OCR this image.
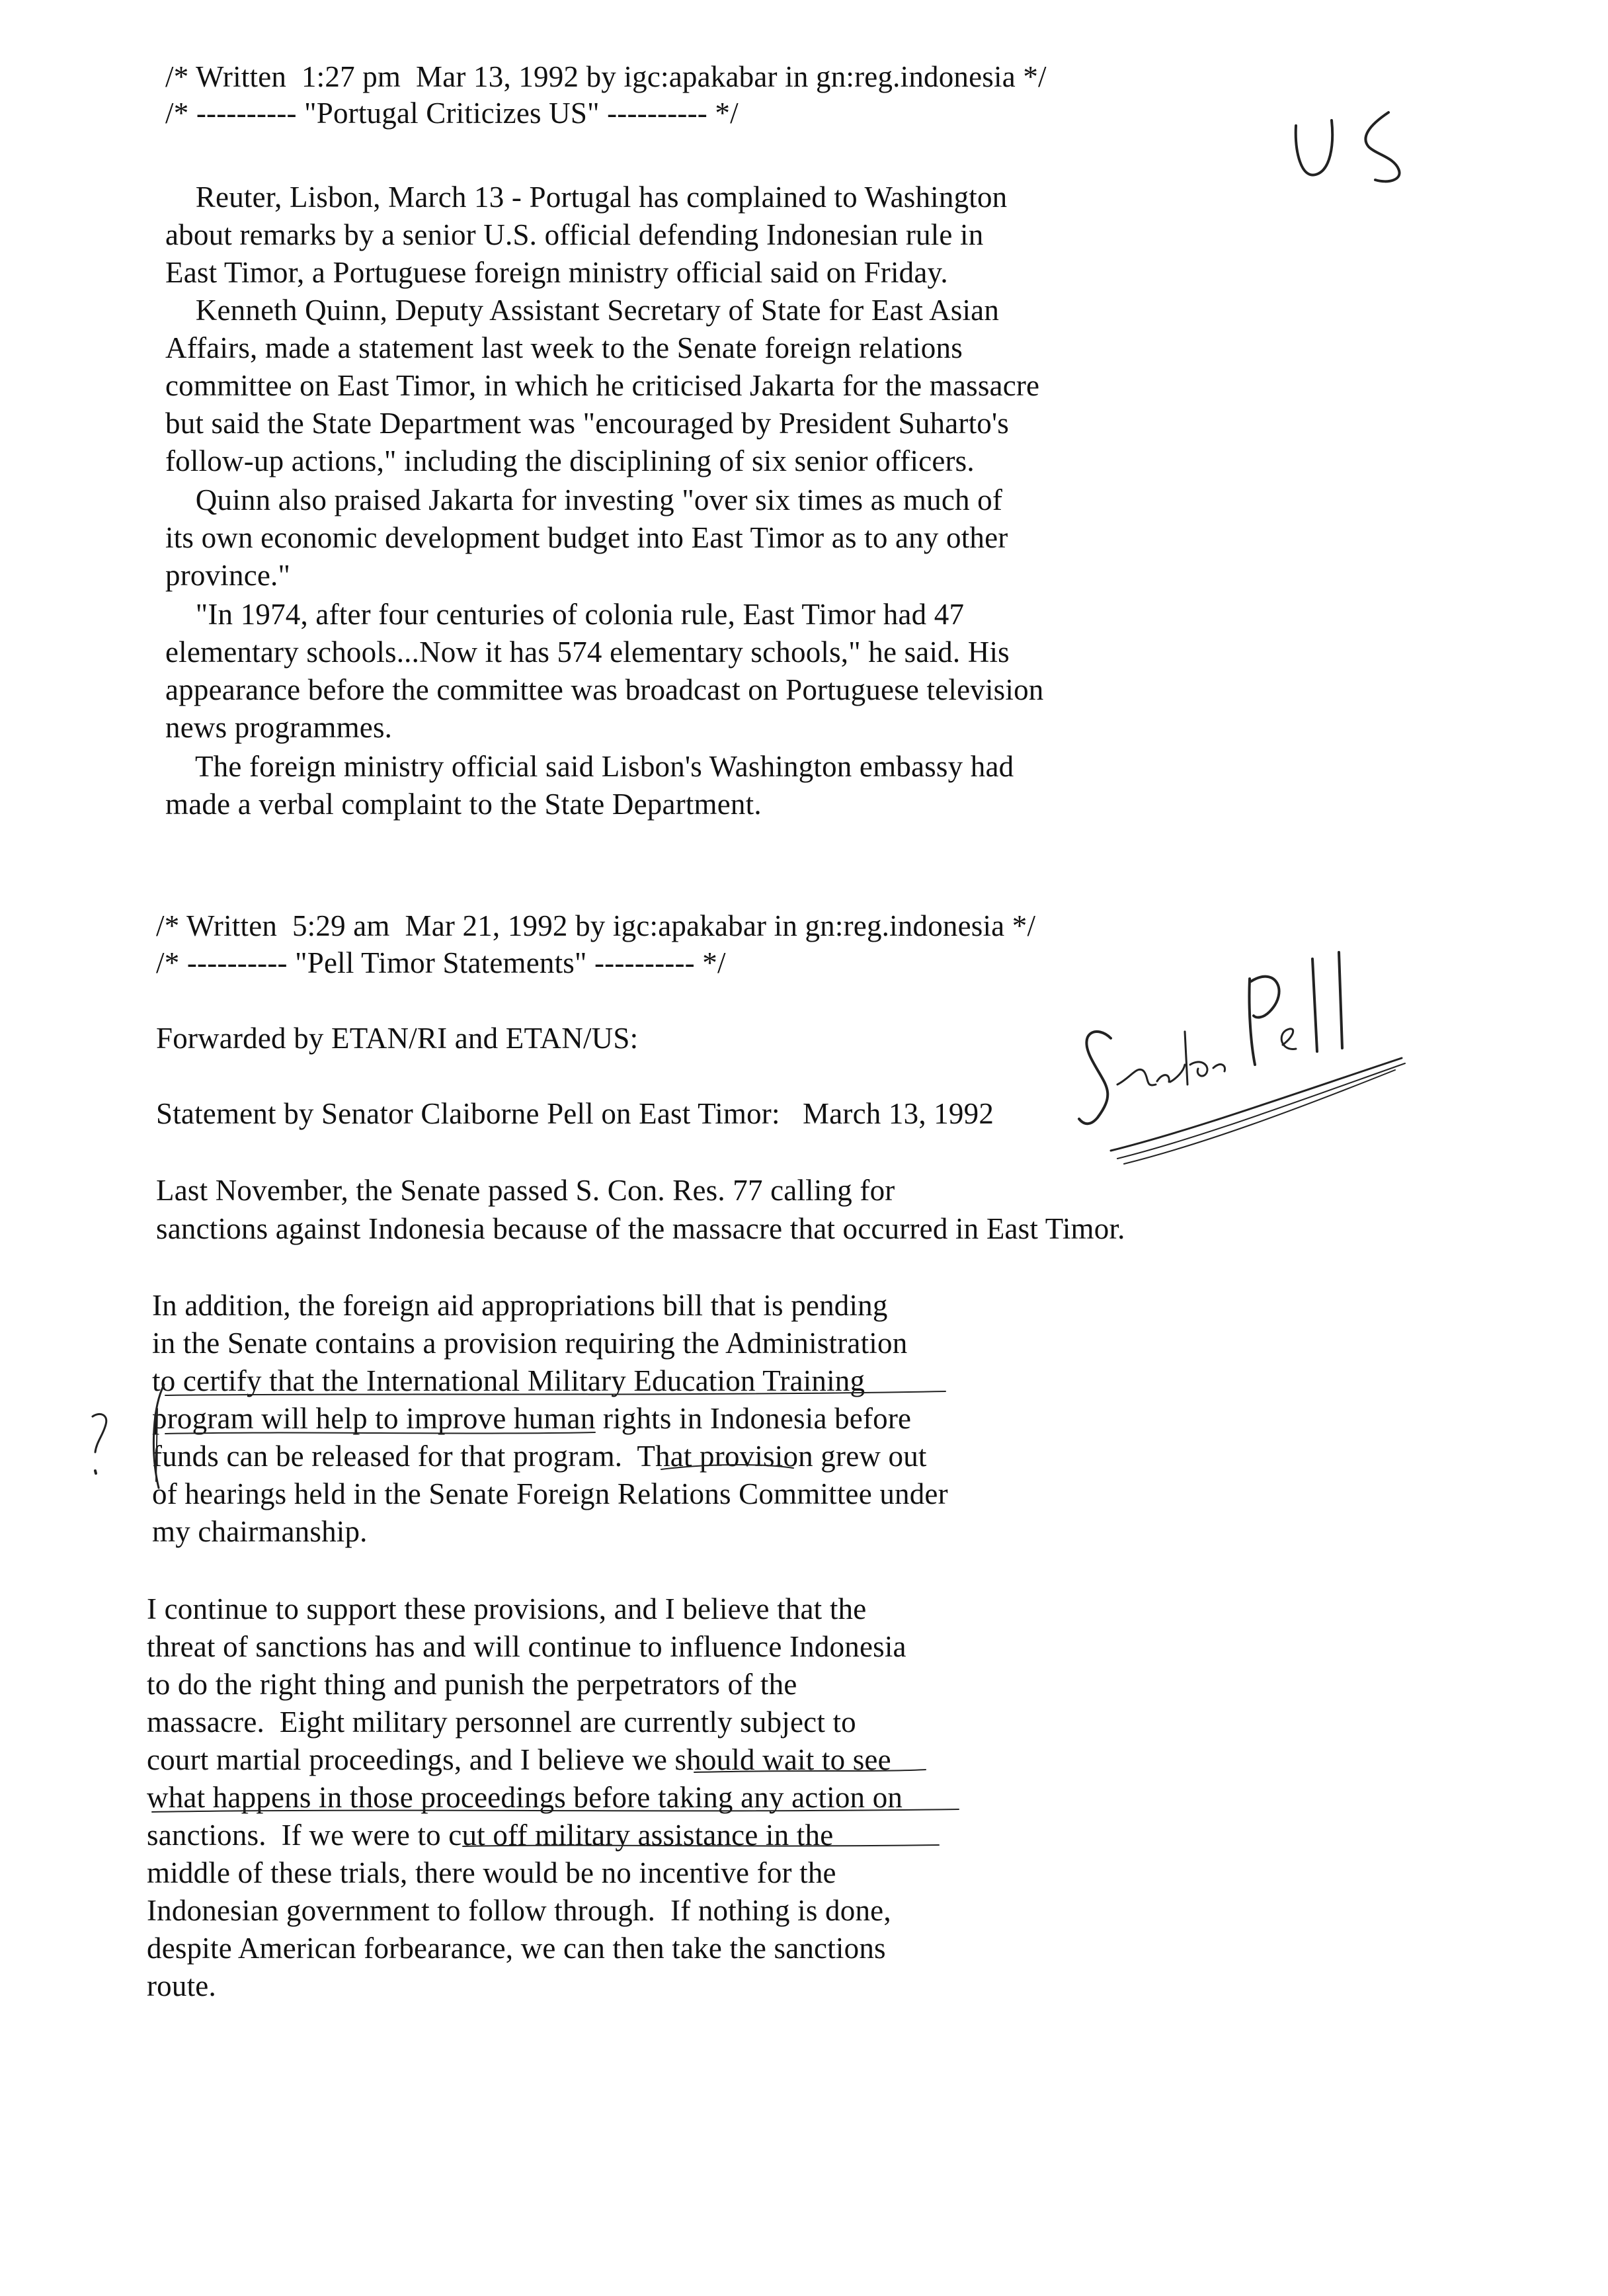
/* Written  1:27 pm  Mar 13, 1992 by igc:apakabar in gn:reg.indonesia */
/* ---------- "Portugal Criticizes US" ---------- */
Reuter, Lisbon, March 13 - Portugal has complained to Washington
about remarks by a senior U.S. official defending Indonesian rule in
East Timor, a Portuguese foreign ministry official said on Friday.
Kenneth Quinn, Deputy Assistant Secretary of State for East Asian
Affairs, made a statement last week to the Senate foreign relations
committee on East Timor, in which he criticised Jakarta for the massacre
but said the State Department was "encouraged by President Suharto's
follow-up actions," including the disciplining of six senior officers.
Quinn also praised Jakarta for investing "over six times as much of
its own economic development budget into East Timor as to any other
province."
"In 1974, after four centuries of colonia rule, East Timor had 47
elementary schools...Now it has 574 elementary schools," he said. His
appearance before the committee was broadcast on Portuguese television
news programmes.
The foreign ministry official said Lisbon's Washington embassy had
made a verbal complaint to the State Department.
/* Written  5:29 am  Mar 21, 1992 by igc:apakabar in gn:reg.indonesia */
/* ---------- "Pell Timor Statements" ---------- */
Forwarded by ETAN/RI and ETAN/US:
Statement by Senator Claiborne Pell on East Timor:   March 13, 1992
Last November, the Senate passed S. Con. Res. 77 calling for
sanctions against Indonesia because of the massacre that occurred in East Timor.
In addition, the foreign aid appropriations bill that is pending
in the Senate contains a provision requiring the Administration
to certify that the International Military Education Training
program will help to improve human rights in Indonesia before
funds can be released for that program.  That provision grew out
of hearings held in the Senate Foreign Relations Committee under
my chairmanship.
I continue to support these provisions, and I believe that the
threat of sanctions has and will continue to influence Indonesia
to do the right thing and punish the perpetrators of the
massacre.  Eight military personnel are currently subject to
court martial proceedings, and I believe we should wait to see
what happens in those proceedings before taking any action on
sanctions.  If we were to cut off military assistance in the
middle of these trials, there would be no incentive for the
Indonesian government to follow through.  If nothing is done,
despite American forbearance, we can then take the sanctions
route.
